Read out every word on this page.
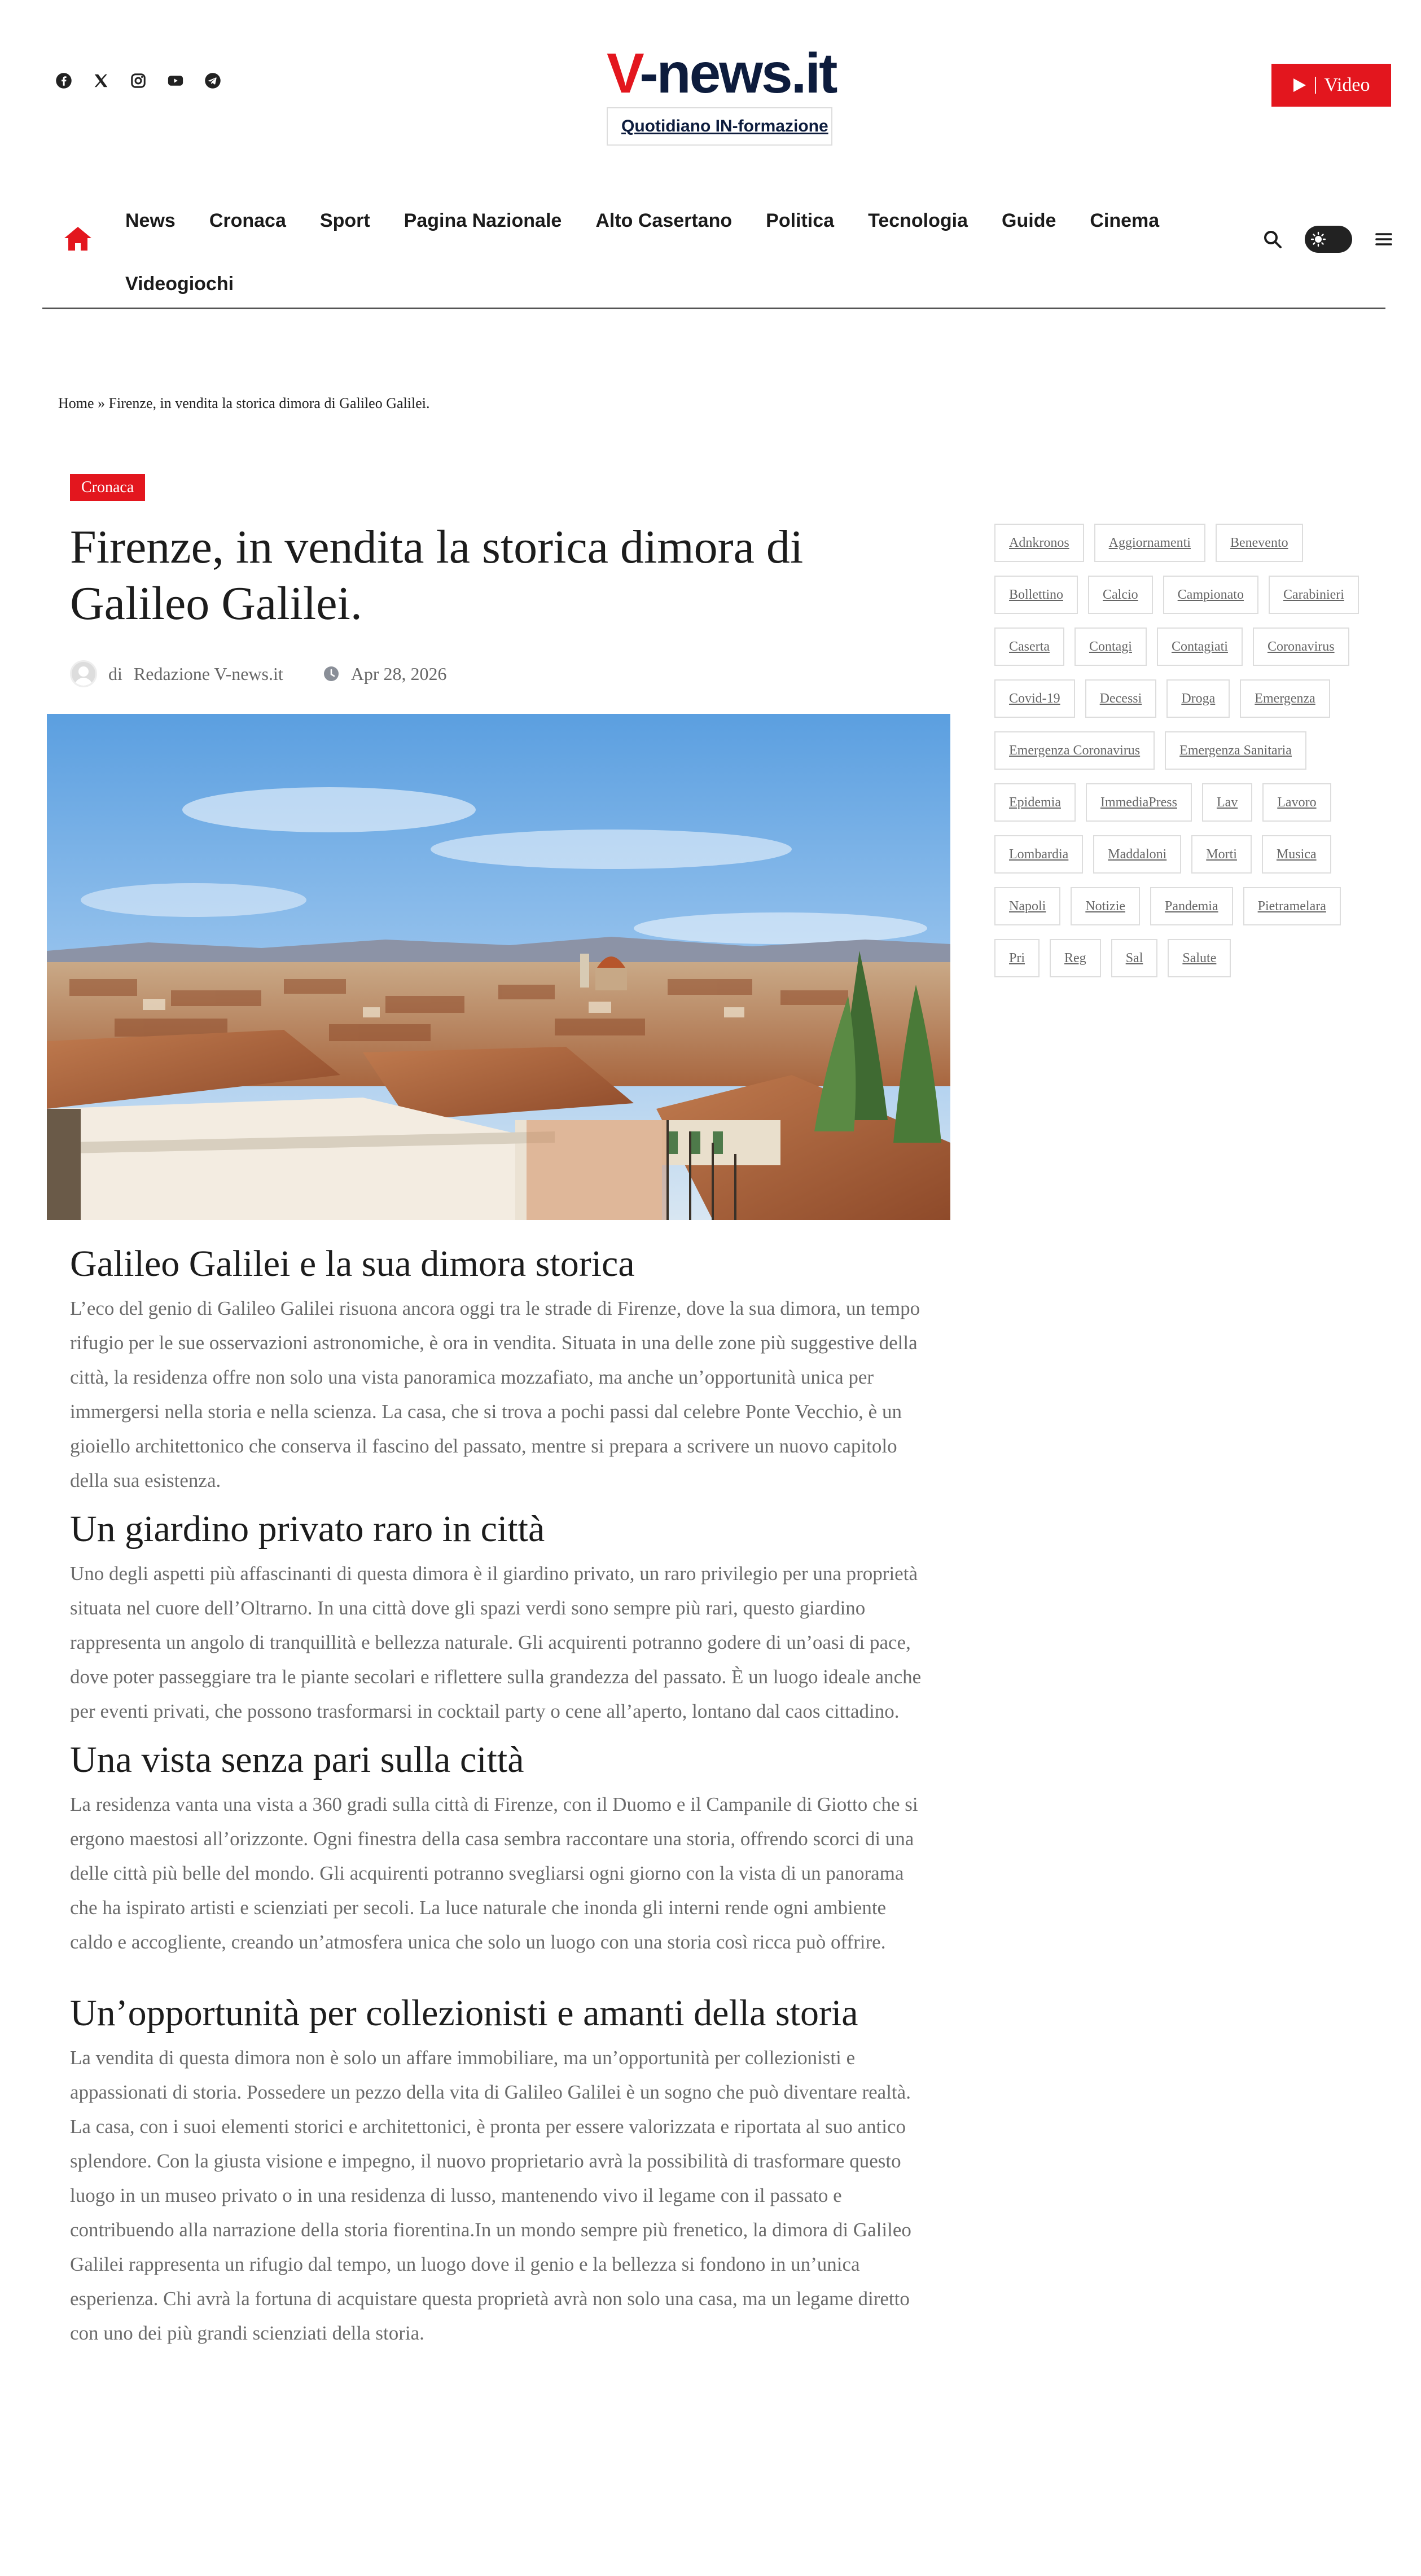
V-news.it
Quotidiano IN-formazione
Video
News Cronaca Sport Pagina Nazionale Alto Casertano Politica Tecnologia Guide Cinema
Videogiochi
Home » Firenze, in vendita la storica dimora di Galileo Galilei.
Cronaca
Firenze, in vendita la storica dimora di Galileo Galilei.
di Redazione V-news.it	Apr 28, 2026
Galileo Galilei e la sua dimora storica

L’eco del genio di Galileo Galilei risuona ancora oggi tra le strade di Firenze, dove la sua dimora, un tempo rifugio per le sue osservazioni astronomiche, è ora in vendita. Situata in una delle zone più suggestive della città, la residenza offre non solo una vista panoramica mozzafiato, ma anche un’opportunità unica per immergersi nella storia e nella scienza. La casa, che si trova a pochi passi dal celebre Ponte Vecchio, è un gioiello architettonico che conserva il fascino del passato, mentre si prepara a scrivere un nuovo capitolo della sua esistenza.

Un giardino privato raro in città

Uno degli aspetti più affascinanti di questa dimora è il giardino privato, un raro privilegio per una proprietà situata nel cuore dell’Oltrarno. In una città dove gli spazi verdi sono sempre più rari, questo giardino rappresenta un angolo di tranquillità e bellezza naturale. Gli acquirenti potranno godere di un’oasi di pace, dove poter passeggiare tra le piante secolari e riflettere sulla grandezza del passato. È un luogo ideale anche per eventi privati, che possono trasformarsi in cocktail party o cene all’aperto, lontano dal caos cittadino.

Una vista senza pari sulla città

La residenza vanta una vista a 360 gradi sulla città di Firenze, con il Duomo e il Campanile di Giotto che si ergono maestosi all’orizzonte. Ogni finestra della casa sembra raccontare una storia, offrendo scorci di una delle città più belle del mondo. Gli acquirenti potranno svegliarsi ogni giorno con la vista di un panorama che ha ispirato artisti e scienziati per secoli. La luce naturale che inonda gli interni rende ogni ambiente caldo e accogliente, creando un’atmosfera unica che solo un luogo con una storia così ricca può offrire.

Un’opportunità per collezionisti e amanti della storia

La vendita di questa dimora non è solo un affare immobiliare, ma un’opportunità per collezionisti e appassionati di storia. Possedere un pezzo della vita di Galileo Galilei è un sogno che può diventare realtà. La casa, con i suoi elementi storici e architettonici, è pronta per essere valorizzata e riportata al suo antico splendore. Con la giusta visione e impegno, il nuovo proprietario avrà la possibilità di trasformare questo luogo in un museo privato o in una residenza di lusso, mantenendo vivo il legame con il passato e contribuendo alla narrazione della storia fiorentina.In un mondo sempre più frenetico, la dimora di Galileo Galilei rappresenta un rifugio dal tempo, un luogo dove il genio e la bellezza si fondono in un’unica esperienza. Chi avrà la fortuna di acquistare questa proprietà avrà non solo una casa, ma un legame diretto con uno dei più grandi scienziati della storia.

Adnkronos	Aggiornamenti	Benevento
Bollettino	Calcio	Campionato	Carabinieri
Caserta	Contagi	Contagiati	Coronavirus
Covid-19	Decessi	Droga	Emergenza
Emergenza Coronavirus	Emergenza Sanitaria
Epidemia	ImmediaPress	Lav	Lavoro
Lombardia	Maddaloni	Morti	Musica
Napoli	Notizie	Pandemia	Pietramelara
Pri	Reg	Sal	Salute
